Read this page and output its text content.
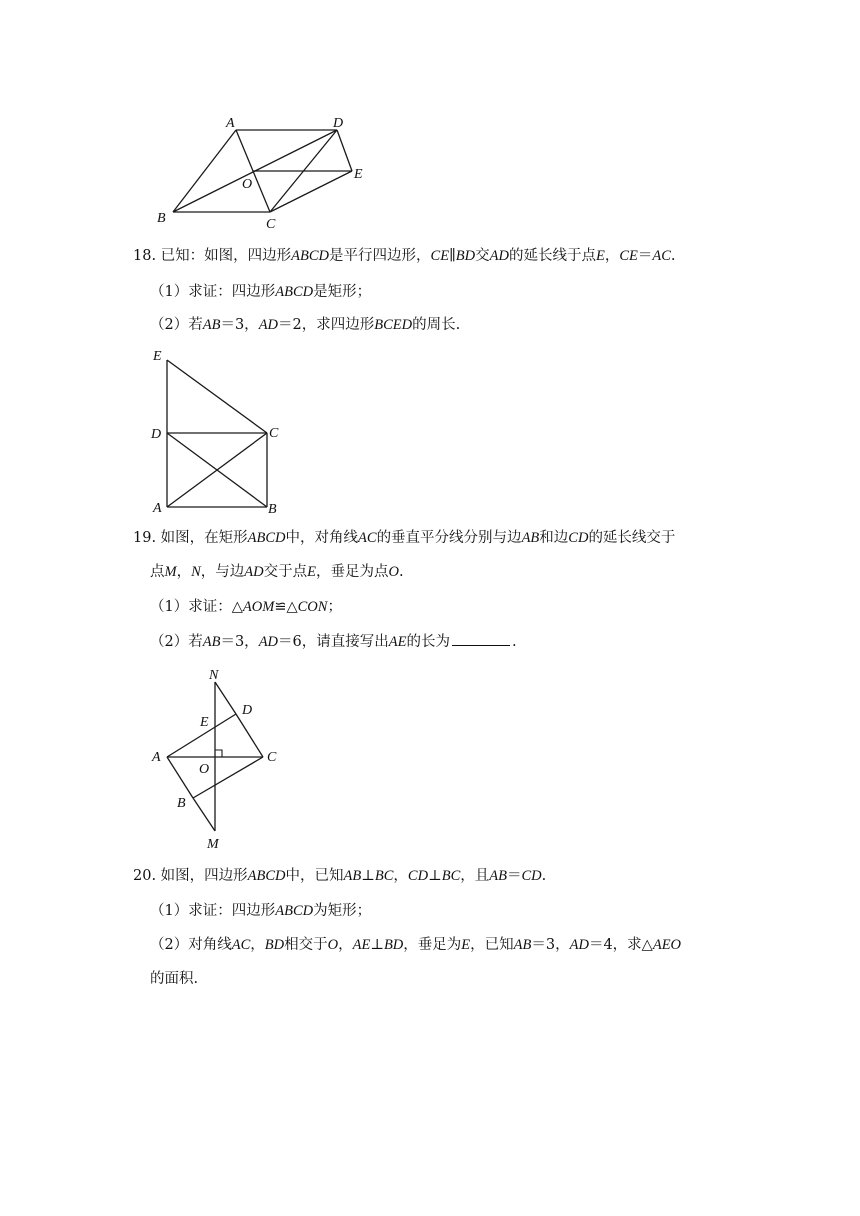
A	D
O
E
B	C
18. 已知：如图，四边形ABCD是平行四边形，CE∥BD交AD的延长线于点E，CE＝AC.
（1）求证：四边形ABCD是矩形；
（2）若AB＝3，AD＝2，求四边形BCED的周长.
E
D	C
A	B
19. 如图，在矩形ABCD中，对角线AC的垂直平分线分别与边AB和边CD的延长线交于
点M，N，与边AD交于点E，垂足为点O.
（1）求证：△AOM≌△CON；
（2）若AB＝3，AD＝6，请直接写出AE的长为	.
N
D
E
A
O
C
B
M
20. 如图，四边形ABCD中，已知AB⊥BC，CD⊥BC，且AB＝CD.
（1）求证：四边形ABCD为矩形；
（2）对角线AC，BD相交于O，AE⊥BD，垂足为E，已知AB＝3，AD＝4，求△AEO
的面积.
